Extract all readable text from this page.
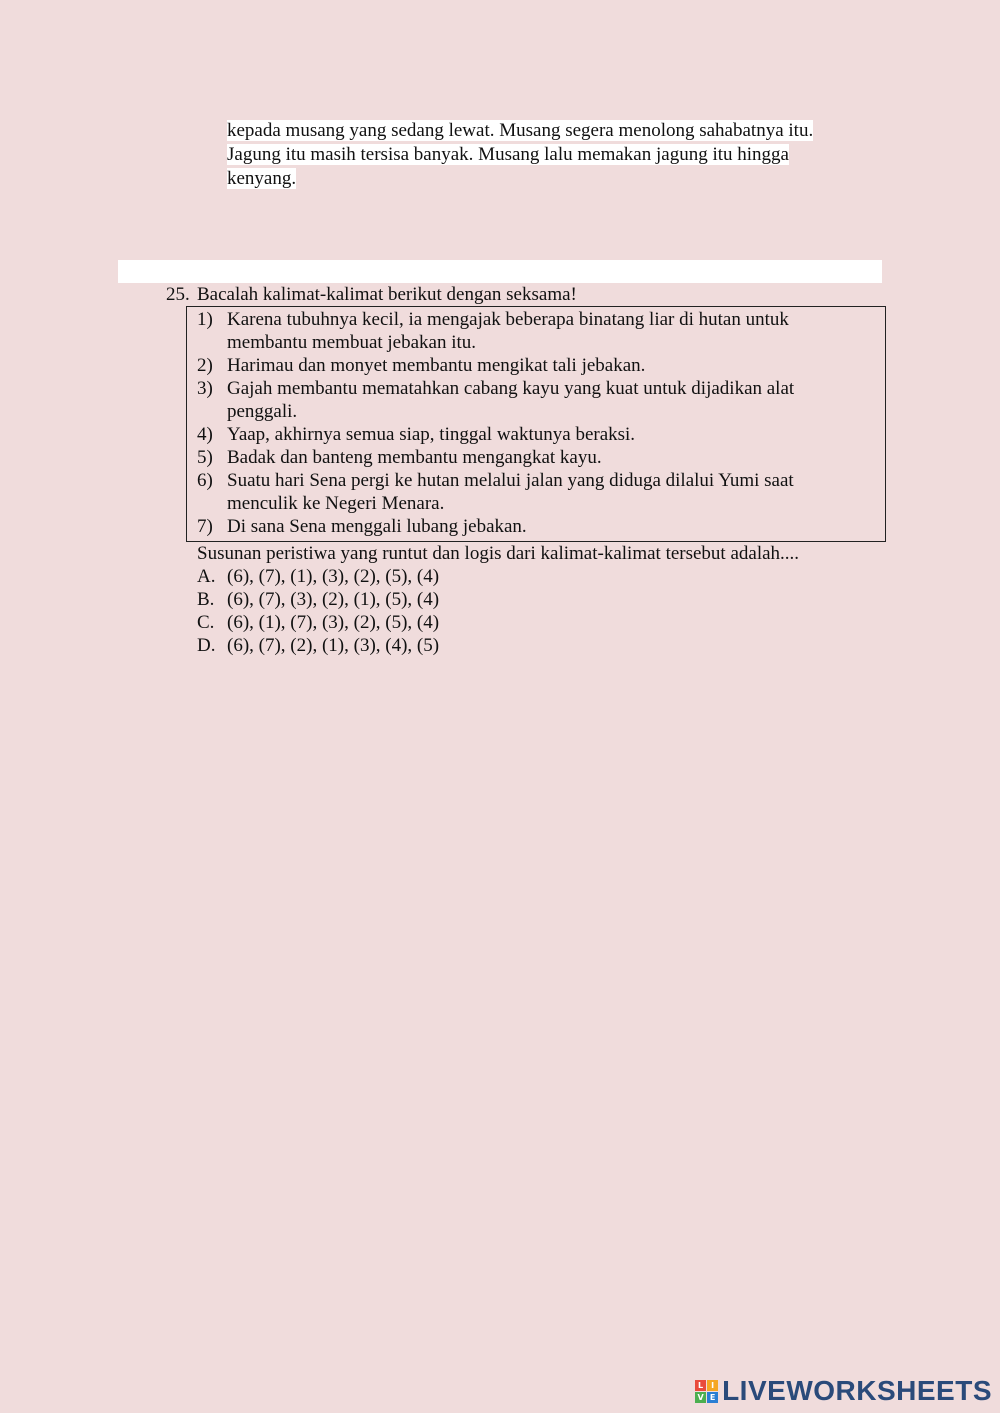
kepada musang yang sedang lewat. Musang segera menolong sahabatnya itu.
Jagung itu masih tersisa banyak. Musang lalu memakan jagung itu hingga
kenyang.
25. Bacalah kalimat-kalimat berikut dengan seksama!
1) Karena tubuhnya kecil, ia mengajak beberapa binatang liar di hutan untuk membantu membuat jebakan itu.
2) Harimau dan monyet membantu mengikat tali jebakan.
3) Gajah membantu mematahkan cabang kayu yang kuat untuk dijadikan alat penggali.
4) Yaap, akhirnya semua siap, tinggal waktunya beraksi.
5) Badak dan banteng membantu mengangkat kayu.
6) Suatu hari Sena pergi ke hutan melalui jalan yang diduga dilalui Yumi saat menculik ke Negeri Menara.
7) Di sana Sena menggali lubang jebakan.
Susunan peristiwa yang runtut dan logis dari kalimat-kalimat tersebut adalah....
A. (6), (7), (1), (3), (2), (5), (4)
B. (6), (7), (3), (2), (1), (5), (4)
C. (6), (1), (7), (3), (2), (5), (4)
D. (6), (7), (2), (1), (3), (4), (5)
L I
V E LIVEWORKSHEETS
